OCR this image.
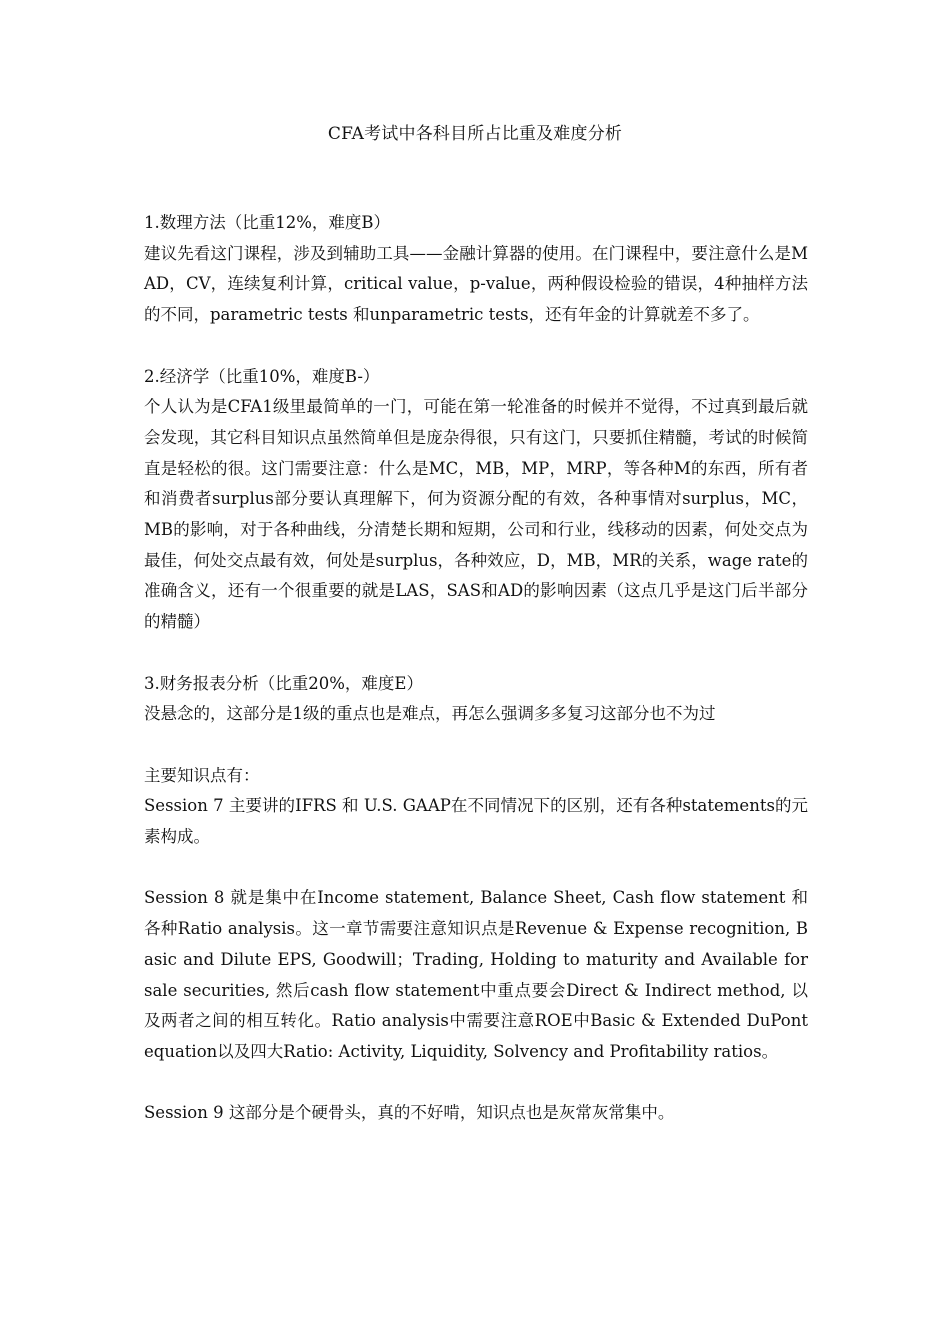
CFA考试中各科目所占比重及难度分析

1.数理方法（比重12%，难度B）

建议先看这门课程，涉及到辅助工具——金融计算器的使用。在门课程中，要注意什么是MAD，CV，连续复利计算，critical value，p-value，两种假设检验的错误，4种抽样方法的不同，parametric tests 和unparametric tests，还有年金的计算就差不多了。

2.经济学（比重10%，难度B-）

个人认为是CFA1级里最简单的一门，可能在第一轮准备的时候并不觉得，不过真到最后就会发现，其它科目知识点虽然简单但是庞杂得很，只有这门，只要抓住精髓，考试的时候简直是轻松的很。这门需要注意：什么是MC，MB，MP，MRP，等各种M的东西，所有者和消费者surplus部分要认真理解下，何为资源分配的有效，各种事情对surplus，MC，MB的影响，对于各种曲线，分清楚长期和短期，公司和行业，线移动的因素，何处交点为最佳，何处交点最有效，何处是surplus，各种效应，D，MB，MR的关系，wage rate的准确含义，还有一个很重要的就是LAS，SAS和AD的影响因素（这点几乎是这门后半部分的精髓）

3.财务报表分析（比重20%，难度E）

没悬念的，这部分是1级的重点也是难点，再怎么强调多多复习这部分也不为过

主要知识点有：

Session 7 主要讲的IFRS 和 U.S. GAAP在不同情况下的区别，还有各种statements的元素构成。

Session 8 就是集中在Income statement, Balance Sheet, Cash flow statement 和 各种Ratio analysis。这一章节需要注意知识点是Revenue & Expense recognition, Basic and Dilute EPS, Goodwill；Trading, Holding to maturity and Available for sale securities, 然后cash flow statement中重点要会Direct & Indirect method, 以及两者之间的相互转化。Ratio analysis中需要注意ROE中Basic & Extended DuPont equation以及四大Ratio: Activity, Liquidity, Solvency and Profitability ratios。

Session 9 这部分是个硬骨头，真的不好啃，知识点也是灰常灰常集中。
